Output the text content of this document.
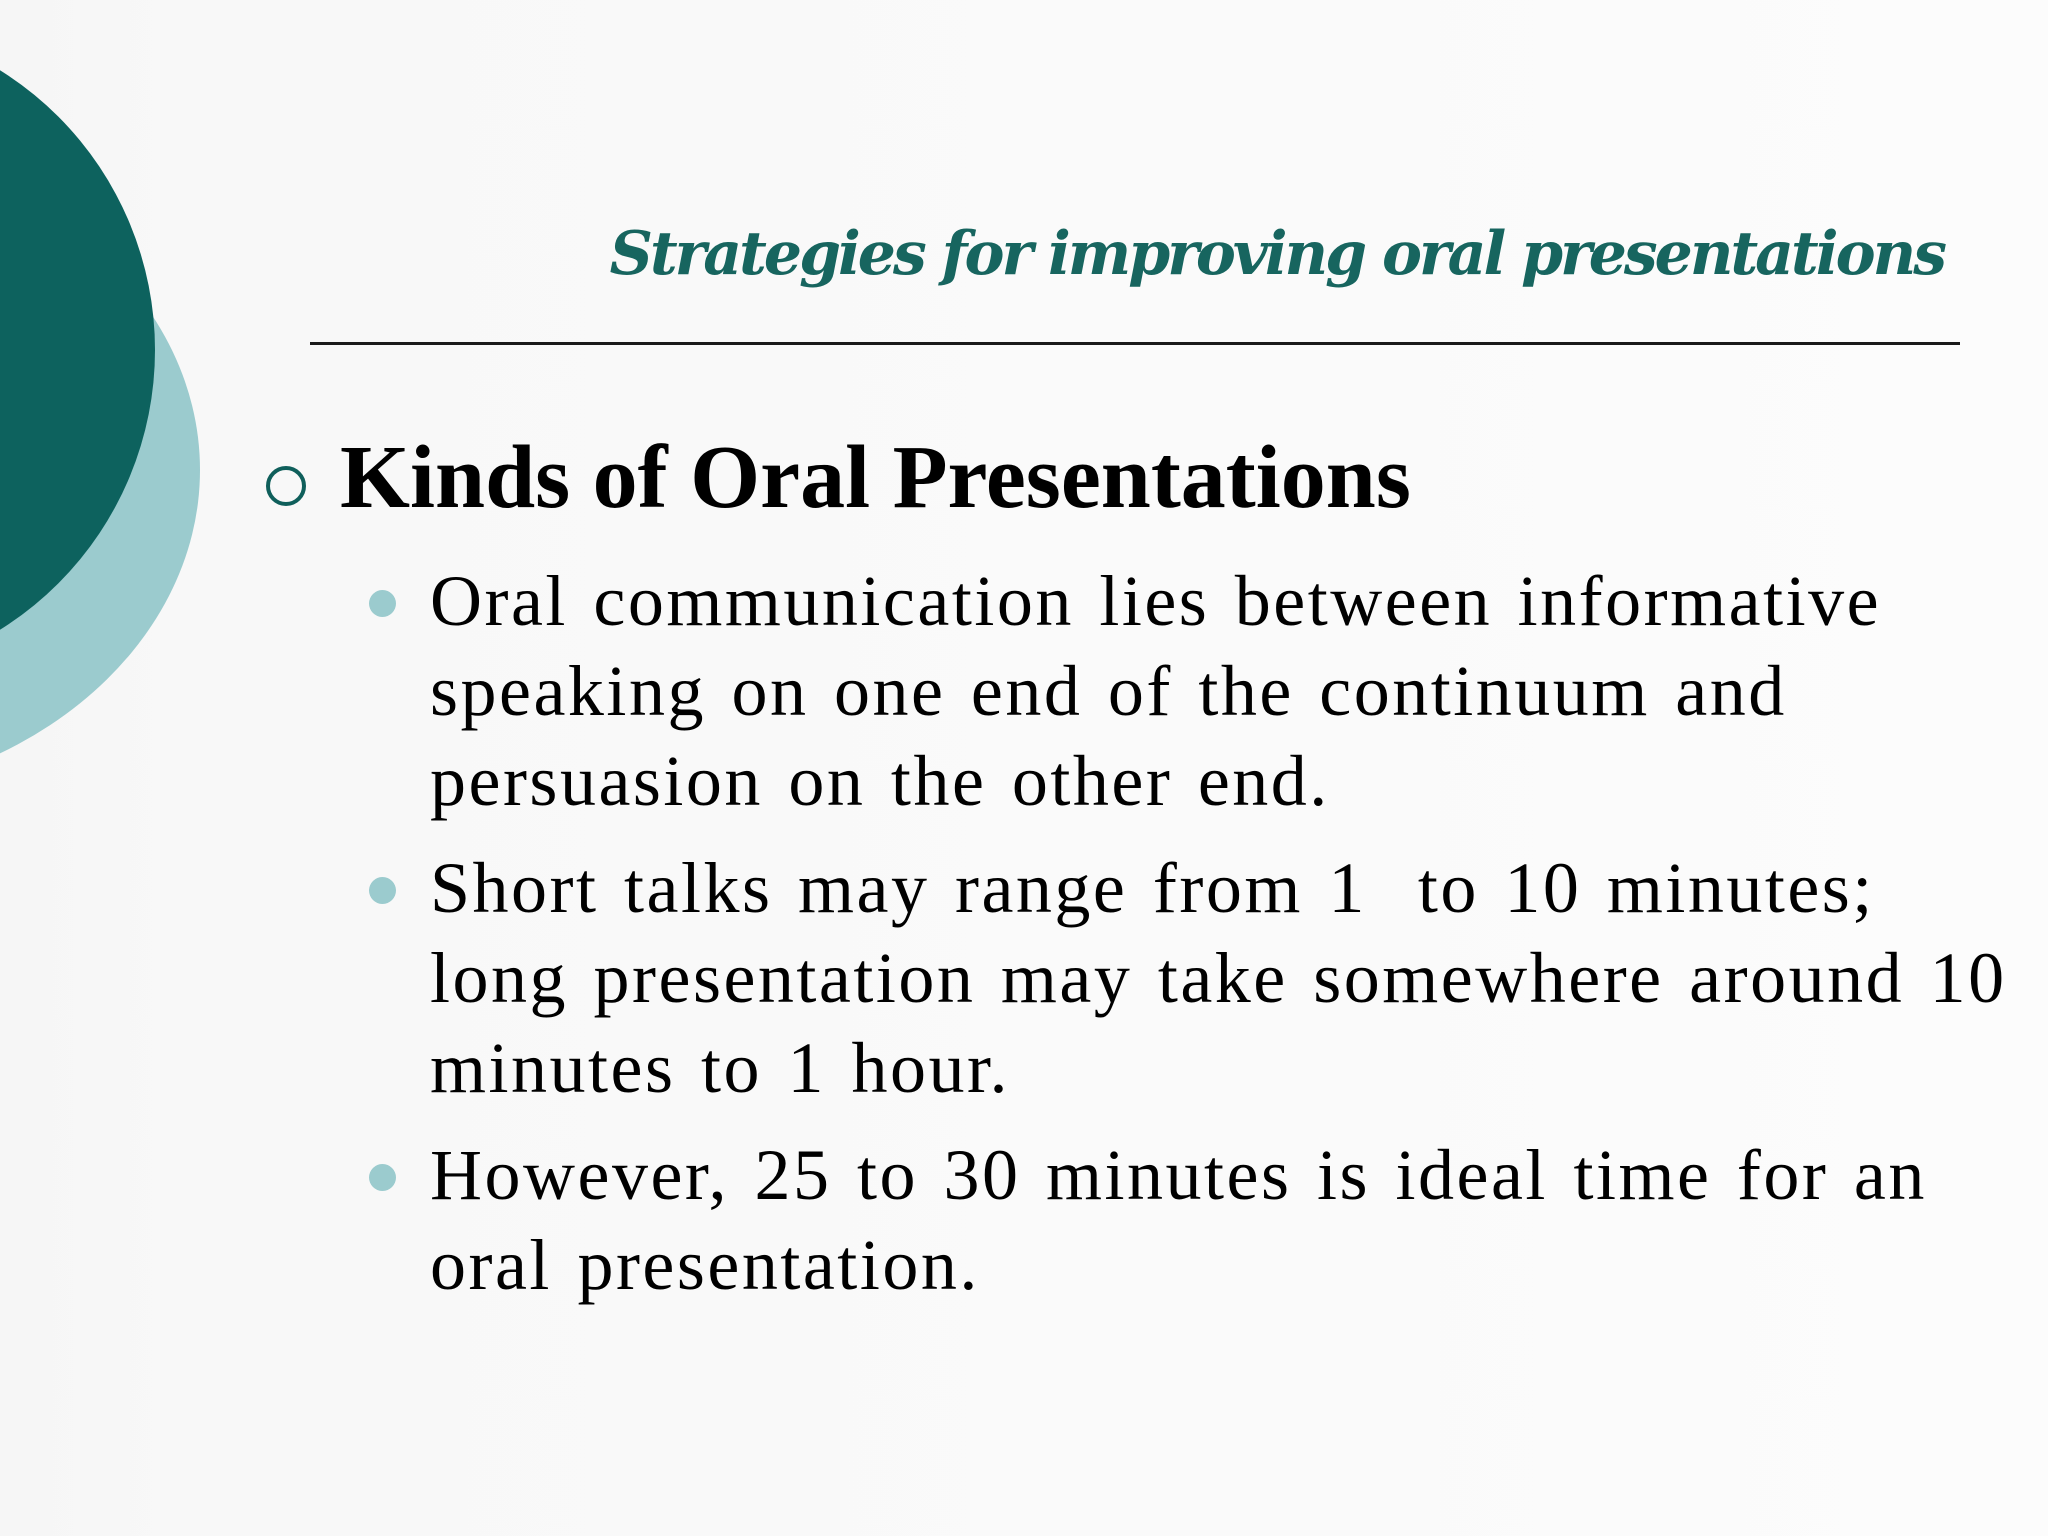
Strategies for improving oral presentations
Kinds of Oral Presentations
Oral communication lies between informative speaking on one end of the continuum and persuasion on the other end.
Short talks may range from 1  to 10 minutes; long presentation may take somewhere around 10 minutes to 1 hour.
However, 25 to 30 minutes is ideal time for an oral presentation.
